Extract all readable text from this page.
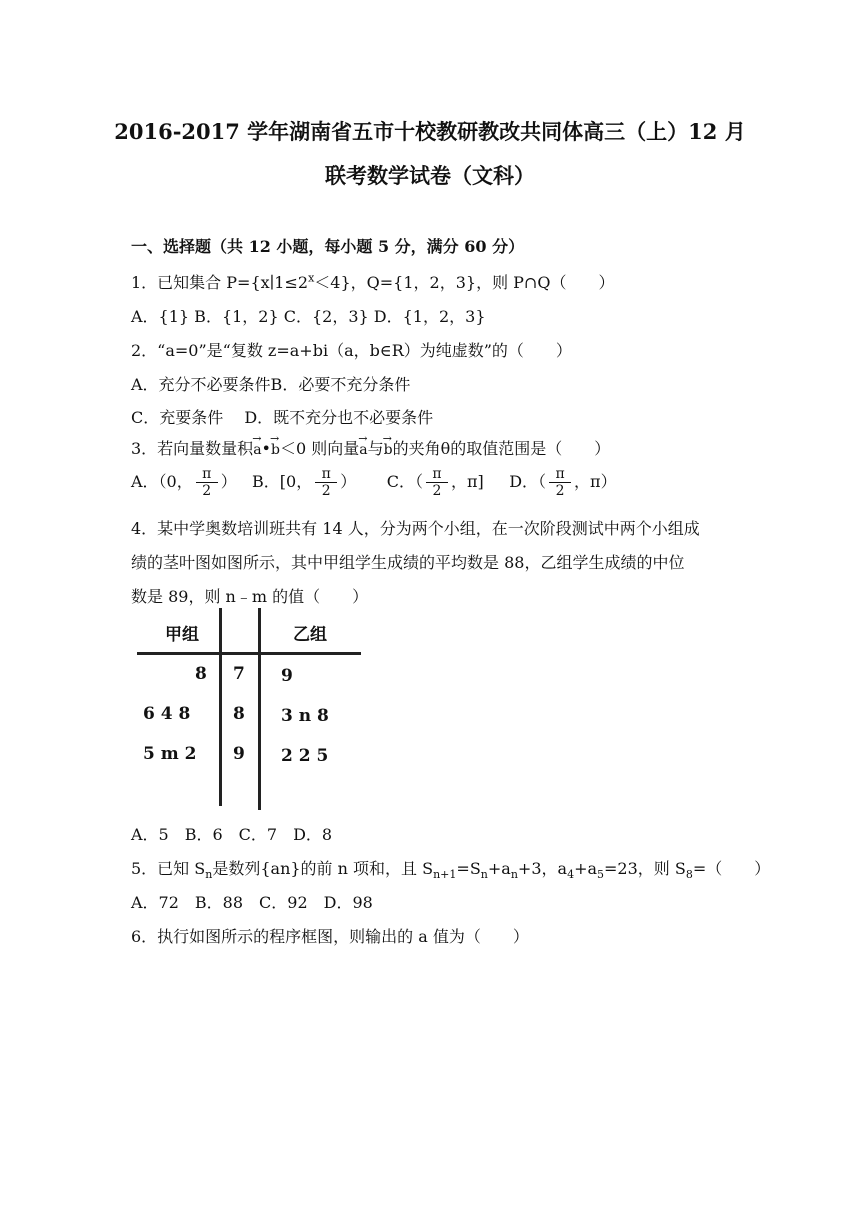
2016-2017 学年湖南省五市十校教研教改共同体高三（上）12 月
联考数学试卷（文科）
一、选择题（共 12 小题，每小题 5 分，满分 60 分）
1．已知集合 $P=\{x∣1\le 2^x<4\}$，Q={1，2，3}，则 P∩Q（　　）
A．{1} B．{1，2} C．{2，3} D．{1，2，3}
2．“a=0”是“复数 z=a+bi（a，b∈R）为纯虚数”的（　　）
A．充分不必要条件B．必要不充分条件
C．充要条件　 D．既不充分也不必要条件
3．若向量数量积→ a•→ b＜0 则向量→ a与→ b的夹角θ的取值范围是（　　）
A．（0， $\frac{\pi}{2}$ ） B．[0， $\frac{\pi}{2}$ ） C．（ $\frac{\pi}{2}$ ，π] D．（ $\frac{\pi}{2}$ ，π）
4．某中学奥数培训班共有 14 人，分为两个小组，在一次阶段测试中两个小组成
绩的茎叶图如图所示，其中甲组学生成绩的平均数是 88，乙组学生成绩的中位
数是 89，则 n﹣m 的值（　　）
甲组	乙组
8 7 9
6 4 8	8 3 n 8
5 m 2 9 2 2 5
A．5　B．6　C．7　D．8
5．已知 $S_n$是数列{an}的前 n 项和，且 $S_{n+1}=S_n+a_n+3$，$a_4+a_5=23$，则 $S_8=$（　　）
A．72　B．88　C．92　D．98
6．执行如图所示的程序框图，则输出的 a 值为（　　）
